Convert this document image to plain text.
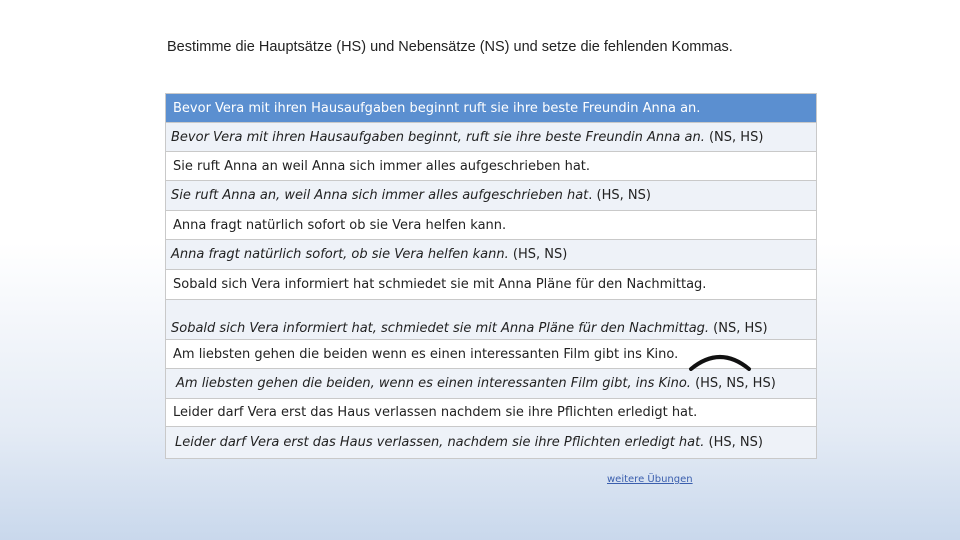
Bestimme die Hauptsätze (HS) und Nebensätze (NS) und setze die fehlenden Kommas.
Bevor Vera mit ihren Hausaufgaben beginnt ruft sie ihre beste Freundin Anna an.
Bevor Vera mit ihren Hausaufgaben beginnt, ruft sie ihre beste Freundin Anna an. (NS, HS)
Sie ruft Anna an weil Anna sich immer alles aufgeschrieben hat.
Sie ruft Anna an, weil Anna sich immer alles aufgeschrieben hat. (HS, NS)
Anna fragt natürlich sofort ob sie Vera helfen kann.
Anna fragt natürlich sofort, ob sie Vera helfen kann. (HS, NS)
Sobald sich Vera informiert hat schmiedet sie mit Anna Pläne für den Nachmittag.
Sobald sich Vera informiert hat, schmiedet sie mit Anna Pläne für den Nachmittag. (NS, HS)
Am liebsten gehen die beiden wenn es einen interessanten Film gibt ins Kino.
Am liebsten gehen die beiden, wenn es einen interessanten Film gibt, ins Kino. (HS, NS, HS)
Leider darf Vera erst das Haus verlassen nachdem sie ihre Pflichten erledigt hat.
Leider darf Vera erst das Haus verlassen, nachdem sie ihre Pflichten erledigt hat. (HS, NS)
weitere Übungen
